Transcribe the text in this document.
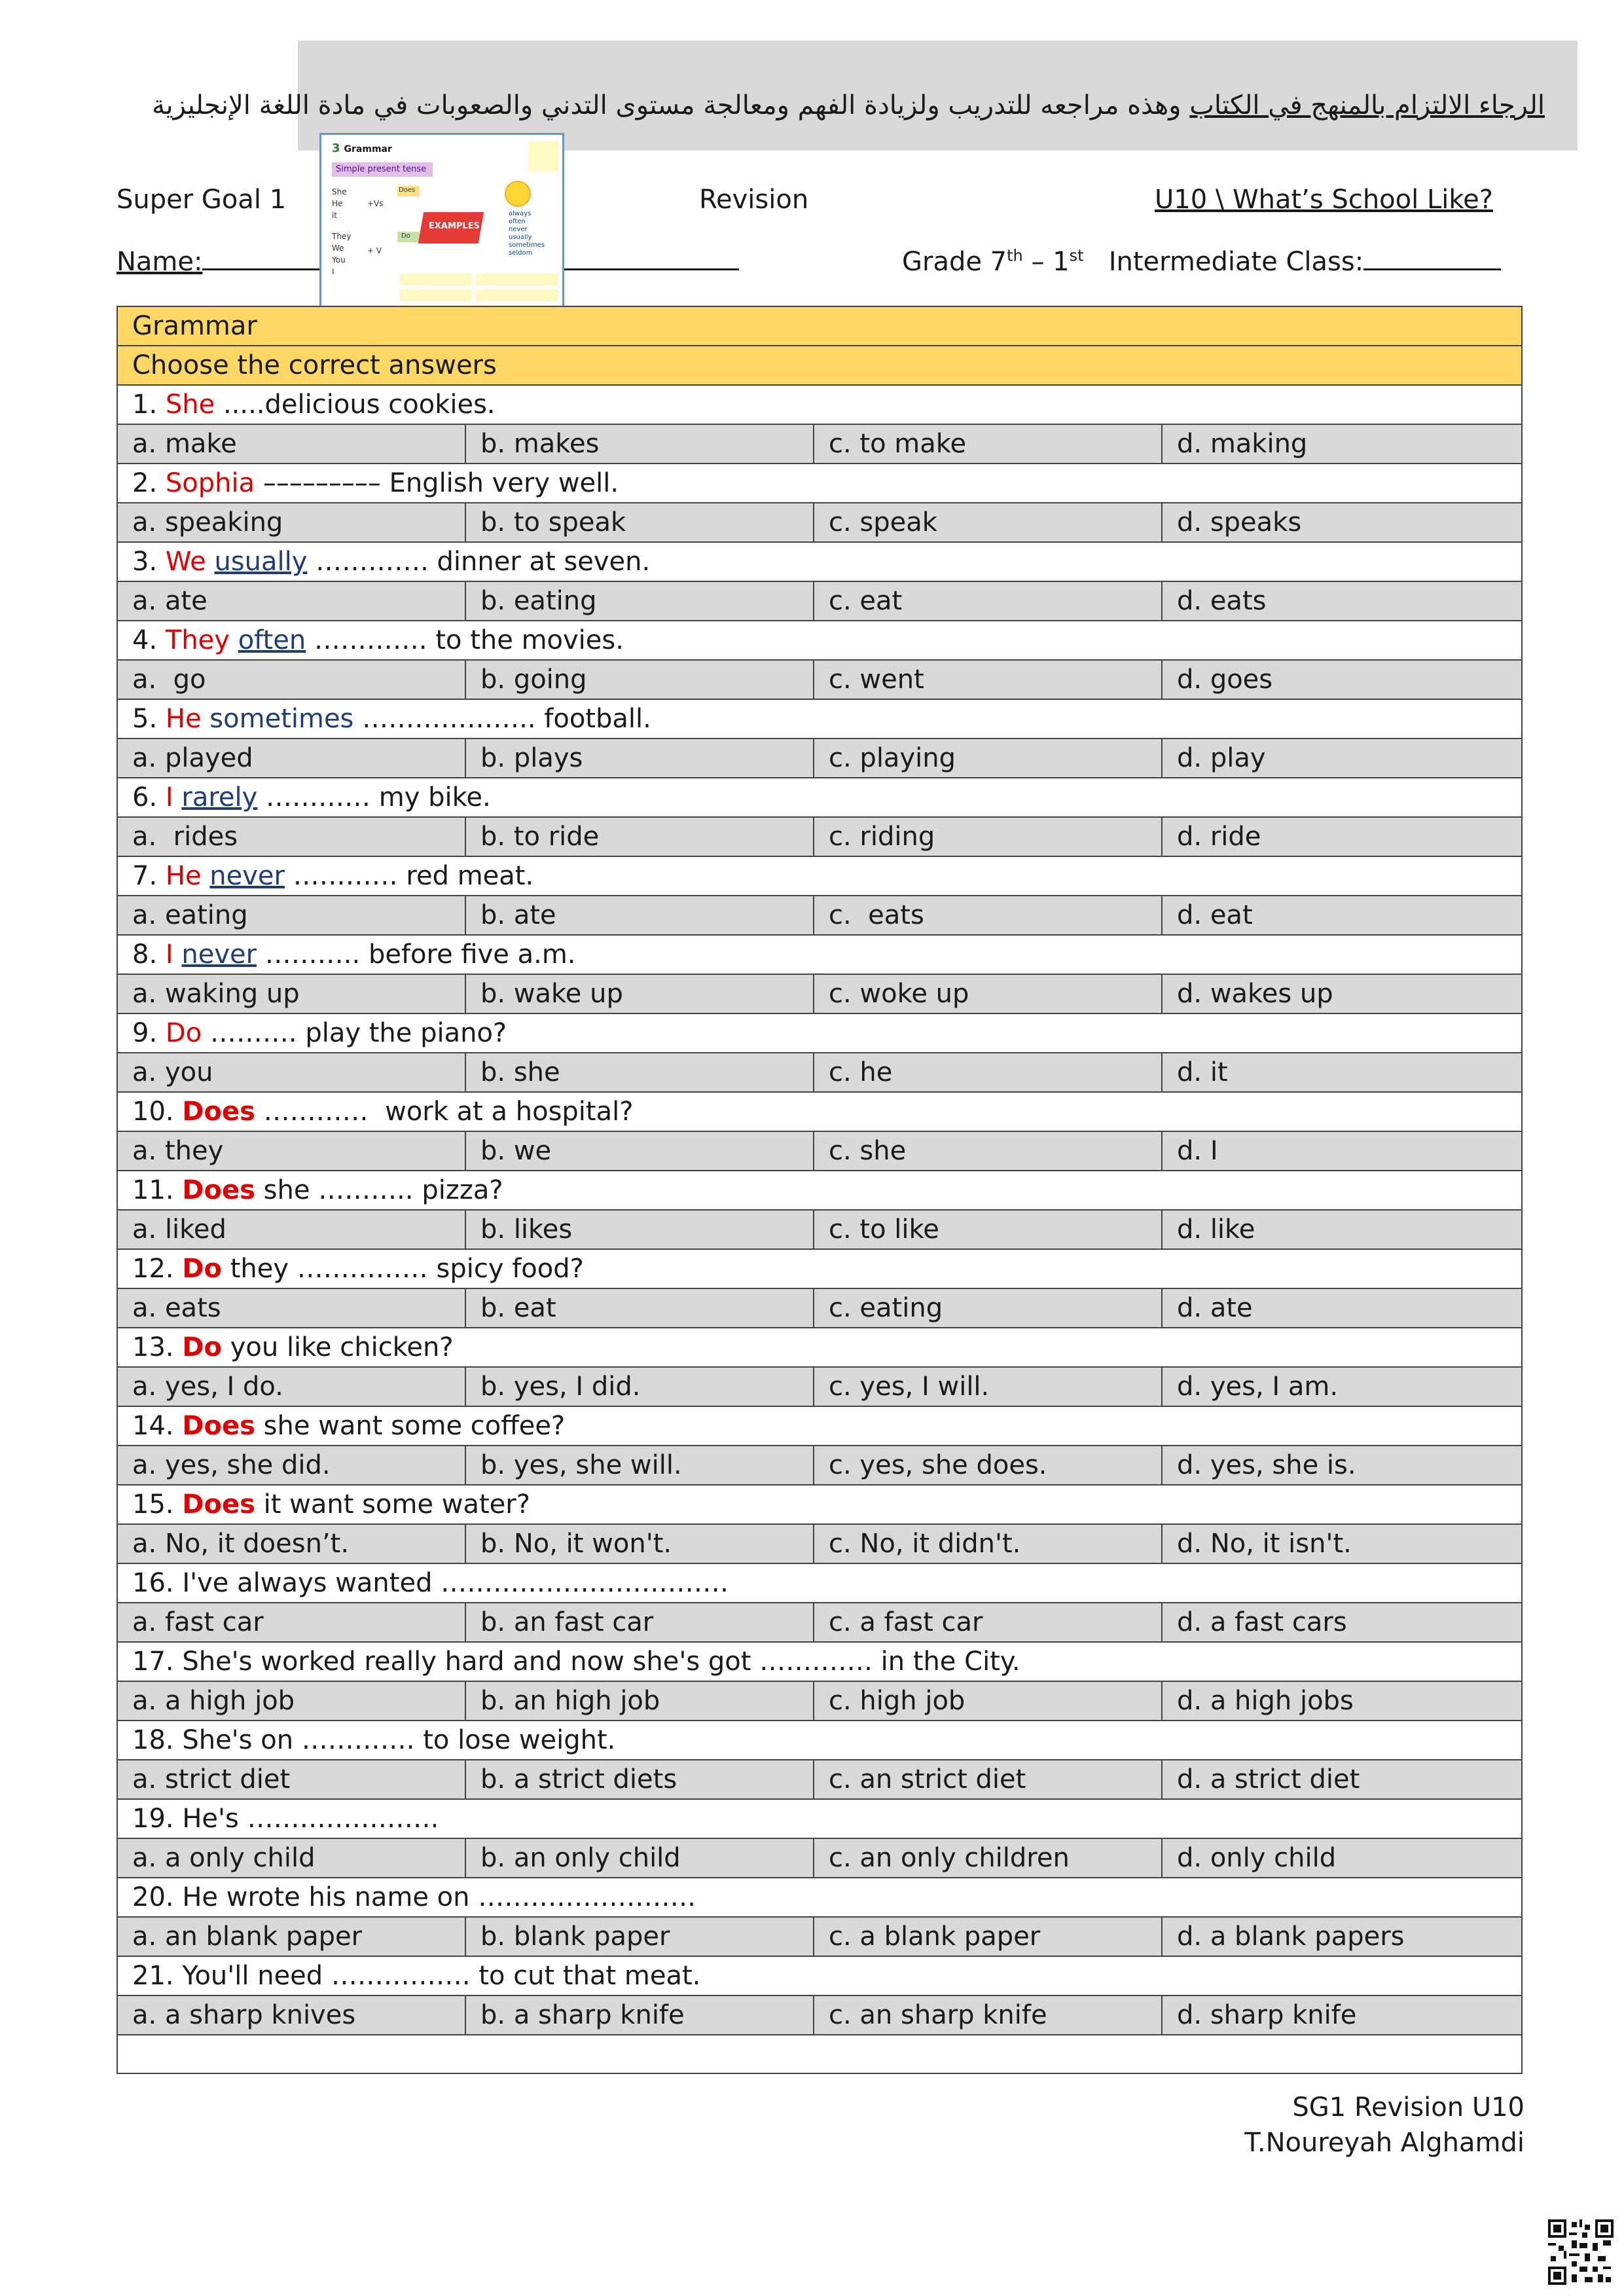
الرجاء الالتزام بالمنهج في الكتاب وهذه مراجعه للتدريب ولزيادة الفهم ومعالجة مستوى التدني والصعوبات في مادة اللغة الإنجليزية
Super Goal 1	Revision	U10 \ What’s School Like?
Name:	Grade 7th – 1st   Intermediate Class:
3 Grammar
Simple present tense
Does
Do
She
He
it
+Vs
They
We
You
I
+ V
EXAMPLES
always
often
never
usually
sometimes
seldom
Grammar			
Choose the correct answers			
1. She .....delicious cookies.			
a. make	b. makes	c. to make	d. making
2. Sophia ––––––––– English very well.			
a. speaking	b. to speak	c. speak	d. speaks
3. We usually …………. dinner at seven.			
a. ate	b. eating	c. eat	d. eats
4. They often …………. to the movies.			
a.  go	b. going	c. went	d. goes
5. He sometimes ……………….. football.			
a. played	b. plays	c. playing	d. play
6. I rarely ………… my bike.			
a.  rides	b. to ride	c. riding	d. ride
7. He never ………… red meat.			
a. eating	b. ate	c.  eats	d. eat
8. I never ……….. before five a.m.			
a. waking up	b. wake up	c. woke up	d. wakes up
9. Do ………. play the piano?			
a. you	b. she	c. he	d. it
10. Does …………  work at a hospital?			
a. they	b. we	c. she	d. I
11. Does she ……….. pizza?			
a. liked	b. likes	c. to like	d. like
12. Do they …………… spicy food?			
a. eats	b. eat	c. eating	d. ate
13. Do you like chicken?			
a. yes, I do.	b. yes, I did.	c. yes, I will.	d. yes, I am.
14. Does she want some coffee?			
a. yes, she did.	b. yes, she will.	c. yes, she does.	d. yes, she is.
15. Does it want some water?			
a. No, it doesn’t.	b. No, it won't.	c. No, it didn't.	d. No, it isn't.
16. I've always wanted ……………………………			
a. fast car	b. an fast car	c. a fast car	d. a fast cars
17. She's worked really hard and now she's got …………. in the City.			
a. a high job	b. an high job	c. high job	d. a high jobs
18. She's on …………. to lose weight.			
a. strict diet	b. a strict diets	c. an strict diet	d. a strict diet
19. He's ………………….			
a. a only child	b. an only child	c. an only children	d. only child
20. He wrote his name on …………………….			
a. an blank paper	b. blank paper	c. a blank paper	d. a blank papers
21. You'll need ……………. to cut that meat.			
a. a sharp knives	b. a sharp knife	c. an sharp knife	d. sharp knife

SG1 Revision U10
T.Noureyah Alghamdi
